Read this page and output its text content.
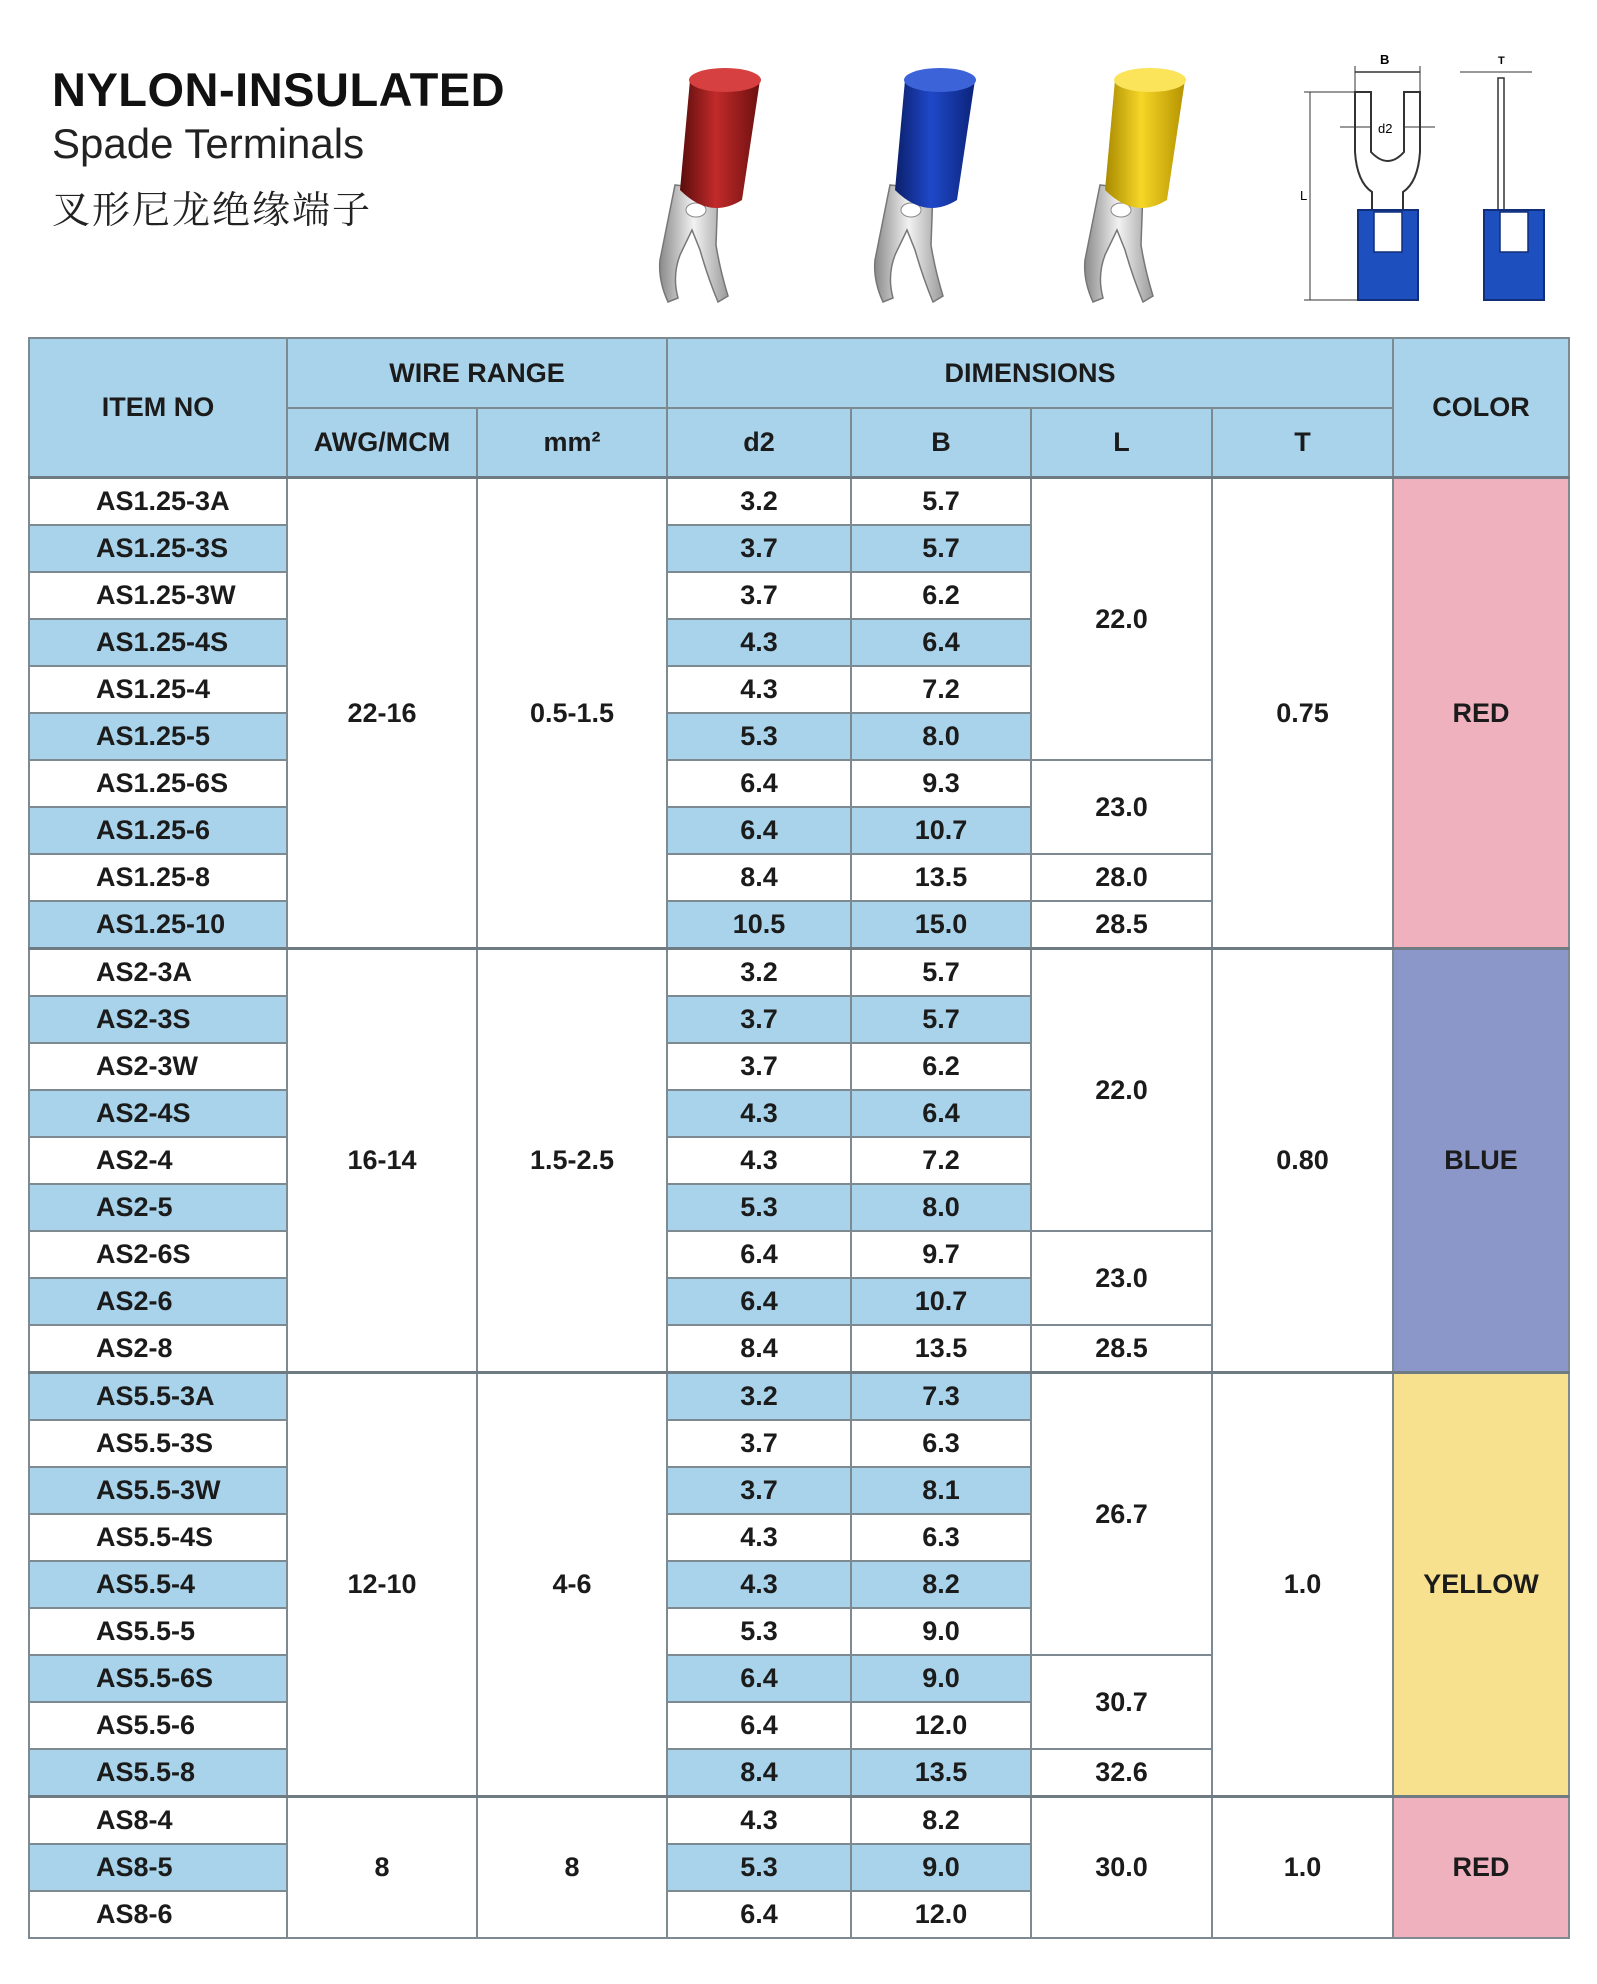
NYLON-INSULATED
Spade Terminals
叉形尼龙绝缘端子
B
d2
L
T
ITEM NO	WIRE RANGE		DIMENSIONS				COLOR
	AWG/MCM	mm²	d2	B	L	T	
AS1.25-3A	22-16	0.5-1.5	3.2	5.7	22.0	0.75	RED
AS1.25-3S			3.7	5.7			
AS1.25-3W			3.7	6.2			
AS1.25-4S			4.3	6.4			
AS1.25-4			4.3	7.2			
AS1.25-5			5.3	8.0			
AS1.25-6S			6.4	9.3	23.0		
AS1.25-6			6.4	10.7			
AS1.25-8			8.4	13.5	28.0		
AS1.25-10			10.5	15.0	28.5		
AS2-3A	16-14	1.5-2.5	3.2	5.7	22.0	0.80	BLUE
AS2-3S			3.7	5.7			
AS2-3W			3.7	6.2			
AS2-4S			4.3	6.4			
AS2-4			4.3	7.2			
AS2-5			5.3	8.0			
AS2-6S			6.4	9.7	23.0		
AS2-6			6.4	10.7			
AS2-8			8.4	13.5	28.5		
AS5.5-3A	12-10	4-6	3.2	7.3	26.7	1.0	YELLOW
AS5.5-3S			3.7	6.3			
AS5.5-3W			3.7	8.1			
AS5.5-4S			4.3	6.3			
AS5.5-4			4.3	8.2			
AS5.5-5			5.3	9.0			
AS5.5-6S			6.4	9.0	30.7		
AS5.5-6			6.4	12.0			
AS5.5-8			8.4	13.5	32.6		
AS8-4	8	8	4.3	8.2	30.0	1.0	RED
AS8-5			5.3	9.0			
AS8-6			6.4	12.0			
